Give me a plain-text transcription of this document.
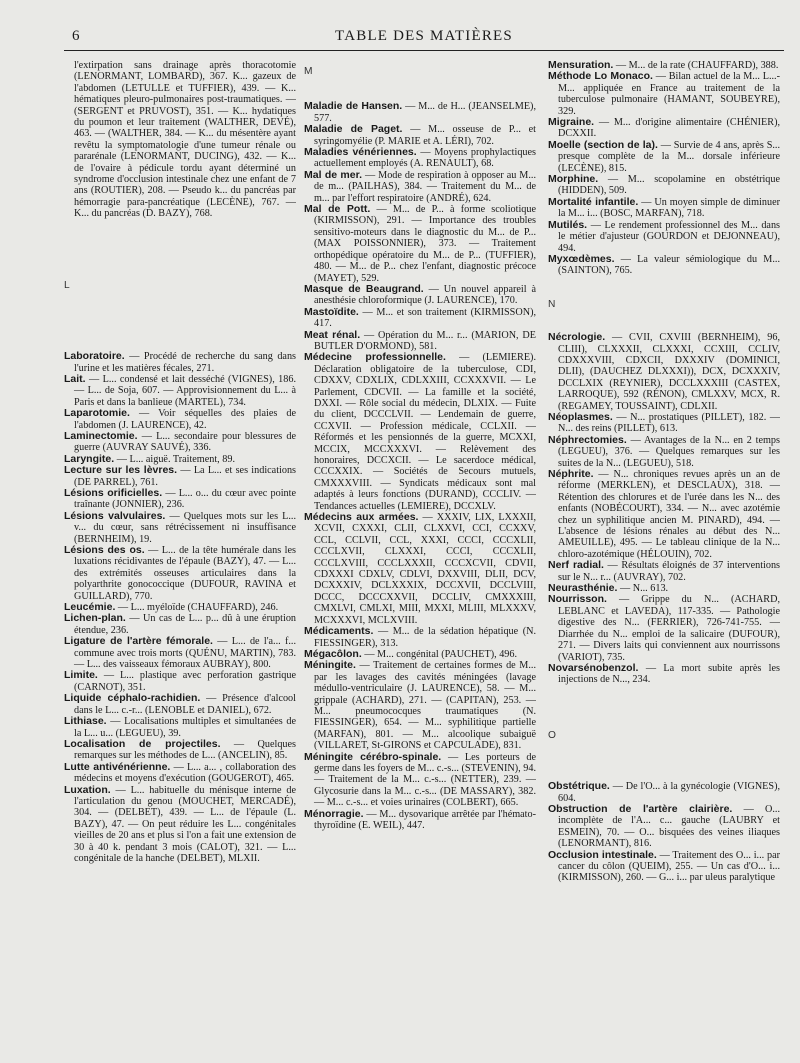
6	TABLE DES MATIÈRES

l'extirpation sans drainage après thoracotomie (LENORMANT, LOMBARD), 367. K... gazeux de l'abdomen (LETULLE et TUFFIER), 439. — K... hématiques pleuro-pulmonaires post-traumatiques. — (SERGENT et PRUVOST), 351. — K... hydatiques du poumon et leur traitement (WALTHER, DEVÉ), 463. — (WALTHER, 384. — K... du mésentère ayant revêtu la symptomatologie d'une tumeur rénale ou pararénale (LENORMANT, DUCING), 432. — K... de l'ovaire à pédicule tordu ayant déterminé un syndrome d'occlusion intestinale chez une enfant de 7 ans (ROUTIER), 208. — Pseudo k... du pancréas par hémorragie para-pancréatique (LECÈNE), 767. — K... du pancréas (D. BAZY), 768.

L

Laboratoire. — Procédé de recherche du sang dans l'urine et les matières fécales, 271.

Lait. — L... condensé et lait desséché (VIGNES), 186. — L... de Soja, 607. — Approvisionnement du L... à Paris et dans la banlieue (MARTEL), 734.

Laparotomie. — Voir séquelles des plaies de l'abdomen (J. LAURENCE), 42.

Laminectomie. — L... secondaire pour blessures de guerre (AUVRAY SAUVÉ), 336.

Laryngite. — L... aiguë. Traitement, 89.

Lecture sur les lèvres. — La L... et ses indications (DE PARREL), 761.

Lésions orificielles. — L... o... du cœur avec pointe traînante (JONNIER), 236.

Lésions valvulaires. — Quelques mots sur les L... v... du cœur, sans rétrécissement ni insuffisance (BERNHEIM), 19.

Lésions des os. — L... de la tête humérale dans les luxations récidivantes de l'épaule (BAZY), 47. — L... des extrémités osseuses articulaires dans la polyarthrite gonococcique (DUFOUR, RAVINA et GUILLARD), 770.

Leucémie. — L... myéloïde (CHAUFFARD), 246.

Lichen-plan. — Un cas de L... p... dû à une éruption étendue, 236.

Ligature de l'artère fémorale. — L... de l'a... f... commune avec trois morts (QUÉNU, MARTIN), 783. — L... des vaisseaux fémoraux AUBRAY), 800.

Limite. — L... plastique avec perforation gastrique (CARNOT), 351.

Liquide céphalo-rachidien. — Présence d'alcool dans le L... c.-r... (LENOBLE et DANIEL), 672.

Lithiase. — Localisations multiples et simultanées de la L... u... (LEGUEU), 39.

Localisation de projectiles. — Quelques remarques sur les méthodes de L... (ANCELIN), 85.

Lutte antivénérienne. — L... a... , collaboration des médecins et moyens d'exécution (GOUGEROT), 465.

Luxation. — L... habituelle du ménisque interne de l'articulation du genou (MOUCHET, MERCADÉ), 304. — (DELBET), 439. — L... de l'épaule (L. BAZY), 47. — On peut réduire les L... congénitales vieilles de 20 ans et plus si l'on a fait une extension de 30 à 40 k. pendant 3 mois (CALOT), 321. — L... congénitale de la hanche (DELBET), MLXII.

M

Maladie de Hansen. — M... de H... (JEANSELME), 577.

Maladie de Paget. — M... osseuse de P... et syringomyélie (P. MARIE et A. LÉRI), 702.

Maladies vénériennes. — Moyens prophylactiques actuellement employés (A. RENAULT), 68.

Mal de mer. — Mode de respiration à opposer au M... de m... (PAILHAS), 384. — Traitement du M... de m... par l'effort respiratoire (ANDRÉ), 624.

Mal de Pott. — M... de P... à forme scoliotique (KIRMISSON), 291. — Importance des troubles sensitivo-moteurs dans le diagnostic du M... de P... (MAX POISSONNIER), 373. — Traitement orthopédique opératoire du M... de P... (TUFFIER), 480. — M... de P... chez l'enfant, diagnostic précoce (MAYET), 529.

Masque de Beaugrand. — Un nouvel appareil à anesthésie chloroformique (J. LAURENCE), 170.

Mastoïdite. — M... et son traitement (KIRMISSON), 417.

Meat rénal. — Opération du M... r... (MARION, DE BUTLER D'ORMOND), 581.

Médecine professionnelle. — (LEMIERE). Déclaration obligatoire de la tuberculose, CDI, CDXXV, CDXLIX, CDLXXIII, CCXXXVII. — Le Parlement, CDCVII. — La famille et la société, DXXI. — Rôle social du médecin, DLXIX. — Fuite du client, DCCCLVII. — Lendemain de guerre, CCXVII. — Profession médicale, CCLXII. — Réformés et les pensionnés de la guerre, MCXXI, MCCIX, MCCXXXVI. — Relèvement des honoraires, DCCXCII. — Le sacerdoce médical, CCCXXIX. — Sociétés de Secours mutuels, CMXXXVIII. — Syndicats médicaux sont mal adaptés à leurs fonctions (DURAND), CCCLIV. — Tendances actuelles (LEMIERE), DCCXLV.

Médecins aux armées. — XXXIV, LIX, LXXXII, XCVII, CXXXI, CLII, CLXXVI, CCI, CCXXV, CCL, CCLVII, CCL, XXXI, CCCI, CCCXLII, CCCLXVII, CLXXXI, CCCI, CCCXLII, CCCLXVIII, CCCLXXXII, CCCXCVII, CDVII, CDXXXI CDXLV, CDLVI, DXXVIII, DLII, DCV, DCXXXIV, DCLXXXIX, DCCXVII, DCCLVIII, DCCC, DCCCXXVII, DCCLIV, CMXXXIII, CMXLVI, CMLXI, MIII, MXXI, MLIII, MLXXXV, MCXXXVI, MCLXVIII.

Médicaments. — M... de la sédation hépatique (N. FIESSINGER), 313.

Mégacôlon. — M... congénital (PAUCHET), 496.

Méningite. — Traitement de certaines formes de M... par les lavages des cavités méningées (lavage médullo-ventriculaire (J. LAURENCE), 58. — M... grippale (ACHARD), 271. — (CAPITAN), 253. — M... pneumococques traumatiques (N. FIESSINGER), 654. — M... syphilitique partielle (MARFAN), 801. — M... alcoolique subaiguë (VILLARET, St-GIRONS et CAPCULADE), 831.

Méningite cérébro-spinale. — Les porteurs de germe dans les foyers de M... c.-s... (STEVENIN), 94. — Traitement de la M... c.-s... (NETTER), 239. — Glycosurie dans la M... c.-s... (DE MASSARY), 382. — M... c.-s... et voies urinaires (COLBERT), 665.

Ménorragie. — M... dysovarique arrêtée par l'hémato-thyroïdine (E. WEIL), 447.

Mensuration. — M... de la rate (CHAUFFARD), 388.

Méthode Lo Monaco. — Bilan actuel de la M... L...-M... appliquée en France au traitement de la tuberculose pulmonaire (HAMANT, SOUBEYRE), 329.

Migraine. — M... d'origine alimentaire (CHÉNIER), DCXXII.

Moelle (section de la). — Survie de 4 ans, après S... presque complète de la M... dorsale inférieure (LECÈNE), 815.

Morphine. — M... scopolamine en obstétrique (HIDDEN), 509.

Mortalité infantile. — Un moyen simple de diminuer la M... i... (BOSC, MARFAN), 718.

Mutilés. — Le rendement professionnel des M... dans le métier d'ajusteur (GOURDON et DEJONNEAU), 494.

Myxœdèmes. — La valeur sémiologique du M... (SAINTON), 765.

N

Nécrologie. — CVII, CXVIII (BERNHEIM), 96, CLIII), CLXXXII, CLXXXI, CCXIII, CCLIV, CDXXXVIII, CDXCII, DXXXIV (DOMINICI, DLII), (DAUCHEZ DLXXXI)), DCX, DCXXXIV, DCCLXIX (REYNIER), DCCLXXXIII (CASTEX, LARROQUE), 592 (RÉNON), CMLXXV, MCX, R. (REGAMEY, TOUSSAINT), CDLXII.

Néoplasmes. — N... prostatiques (PILLET), 182. — N... des reins (PILLET), 613.

Néphrectomies. — Avantages de la N... en 2 temps (LEGUEU), 376. — Quelques remarques sur les suites de la N... (LEGUEU), 518.

Néphrite. — N... chroniques revues après un an de réforme (MERKLEN), et DESCLAUX), 318. — Rétention des chlorures et de l'urée dans les N... des enfants (NOBÉCOURT), 334. — N... avec azotémie chez un syphilitique ancien M. PINARD), 494. — L'absence de lésions rénales au début des N... AMEUILLE), 495. — Le tableau clinique de la N... chloro-azotémique (HÉLOUIN), 702.

Nerf radial. — Résultats éloignés de 37 interventions sur le N... r... (AUVRAY), 702.

Neurasthénie. — N... 613.

Nourrisson. — Grippe du N... (ACHARD, LEBLANC et LAVEDA), 117-335. — Pathologie digestive des N... (FERRIER), 726-741-755. — Diarrhée du N... emploi de la salicaire (DUFOUR), 271. — Divers laits qui conviennent aux nourrissons (VARIOT), 735.

Novarsénobenzol. — La mort subite après les injections de N..., 234.

O

Obstétrique. — De l'O... à la gynécologie (VIGNES), 604.

Obstruction de l'artère clairière. — O... incomplète de l'A... c... gauche (LAUBRY et ESMEIN), 70. — O... bisquées des veines iliaques (LENORMANT), 816.

Occlusion intestinale. — Traitement des O... i... par cancer du côlon (QUEIM), 255. — Un cas d'O... i... (KIRMISSON), 260. — G... i... par uleus paralytique
